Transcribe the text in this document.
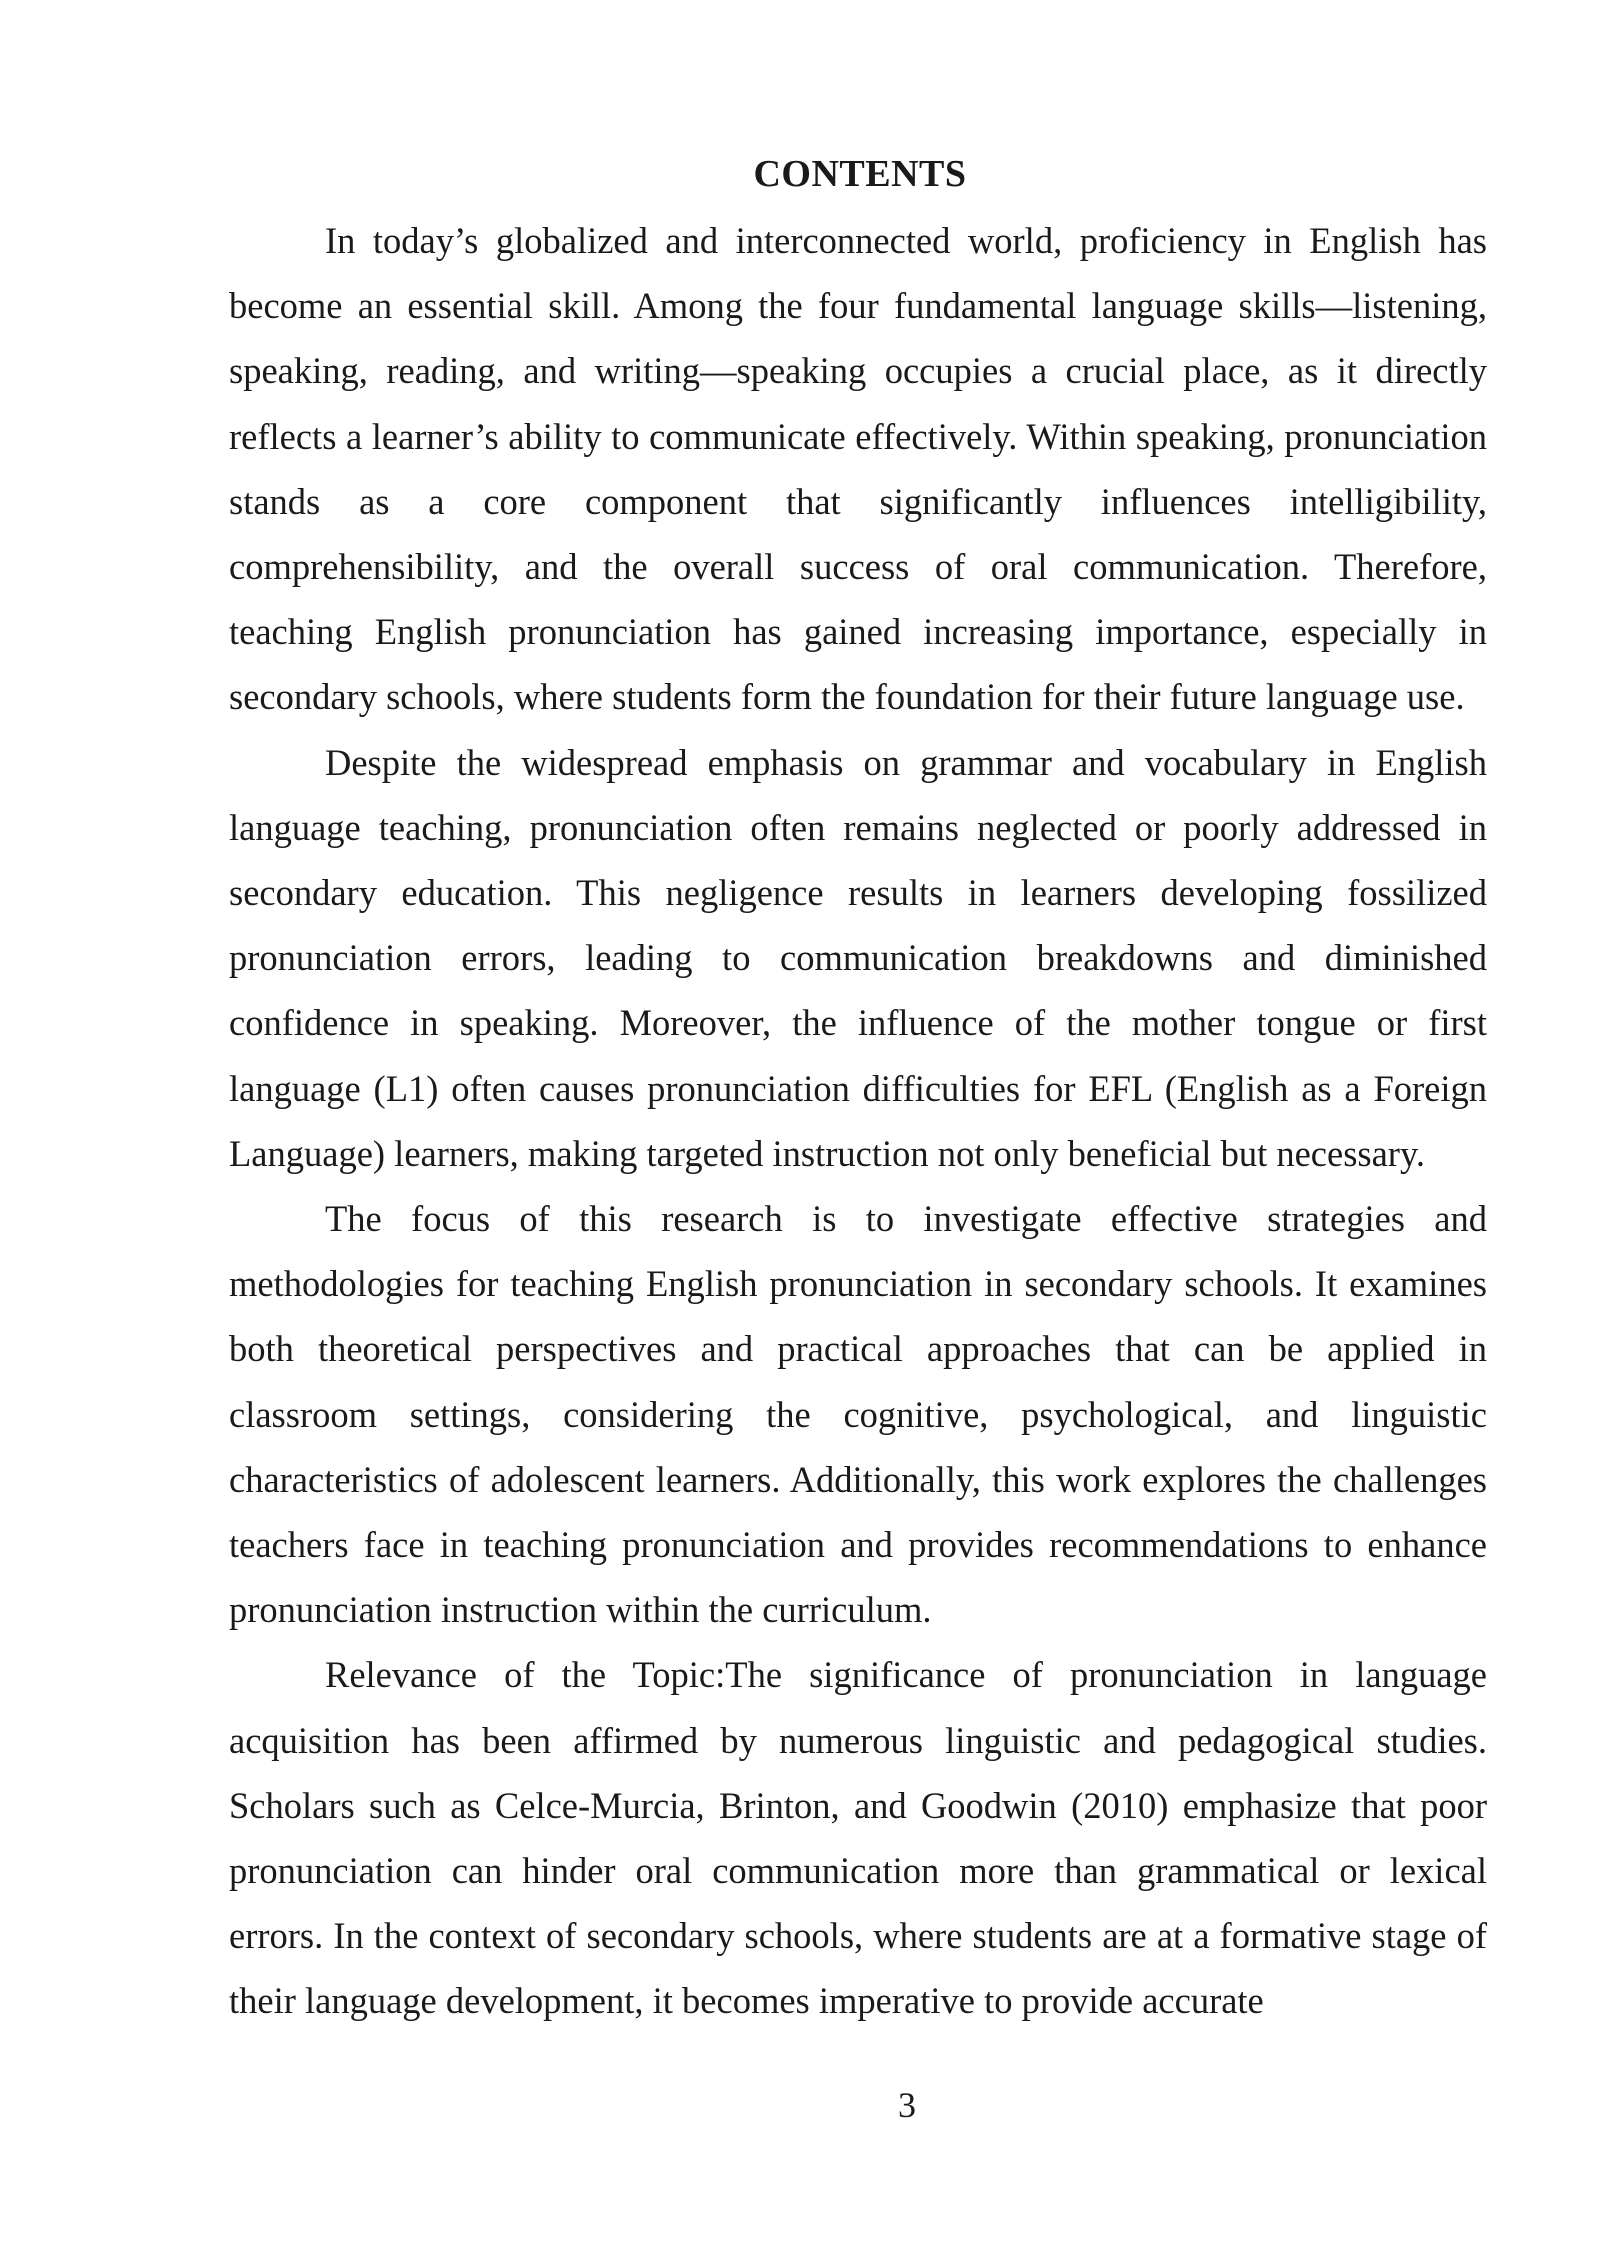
CONTENTS

In today’s globalized and interconnected world, proficiency in English has become an essential skill. Among the four fundamental language skills—listening, speaking, reading, and writing—speaking occupies a crucial place, as it directly reflects a learner’s ability to communicate effectively. Within speaking, pronunciation stands as a core component that significantly influences intelligibility, comprehensibility, and the overall success of oral communication. Therefore, teaching English pronunciation has gained increasing importance, especially in secondary schools, where students form the foundation for their future language use.

Despite the widespread emphasis on grammar and vocabulary in English language teaching, pronunciation often remains neglected or poorly addressed in secondary education. This negligence results in learners developing fossilized pronunciation errors, leading to communication breakdowns and diminished confidence in speaking. Moreover, the influence of the mother tongue or first language (L1) often causes pronunciation difficulties for EFL (English as a Foreign Language) learners, making targeted instruction not only beneficial but necessary.

The focus of this research is to investigate effective strategies and methodologies for teaching English pronunciation in secondary schools. It examines both theoretical perspectives and practical approaches that can be applied in classroom settings, considering the cognitive, psychological, and linguistic characteristics of adolescent learners. Additionally, this work explores the challenges teachers face in teaching pronunciation and provides recommendations to enhance pronunciation instruction within the curriculum.

Relevance of the Topic:The significance of pronunciation in language acquisition has been affirmed by numerous linguistic and pedagogical studies. Scholars such as Celce-Murcia, Brinton, and Goodwin (2010) emphasize that poor pronunciation can hinder oral communication more than grammatical or lexical errors. In the context of secondary schools, where students are at a formative stage of their language development, it becomes imperative to provide accurate

3
